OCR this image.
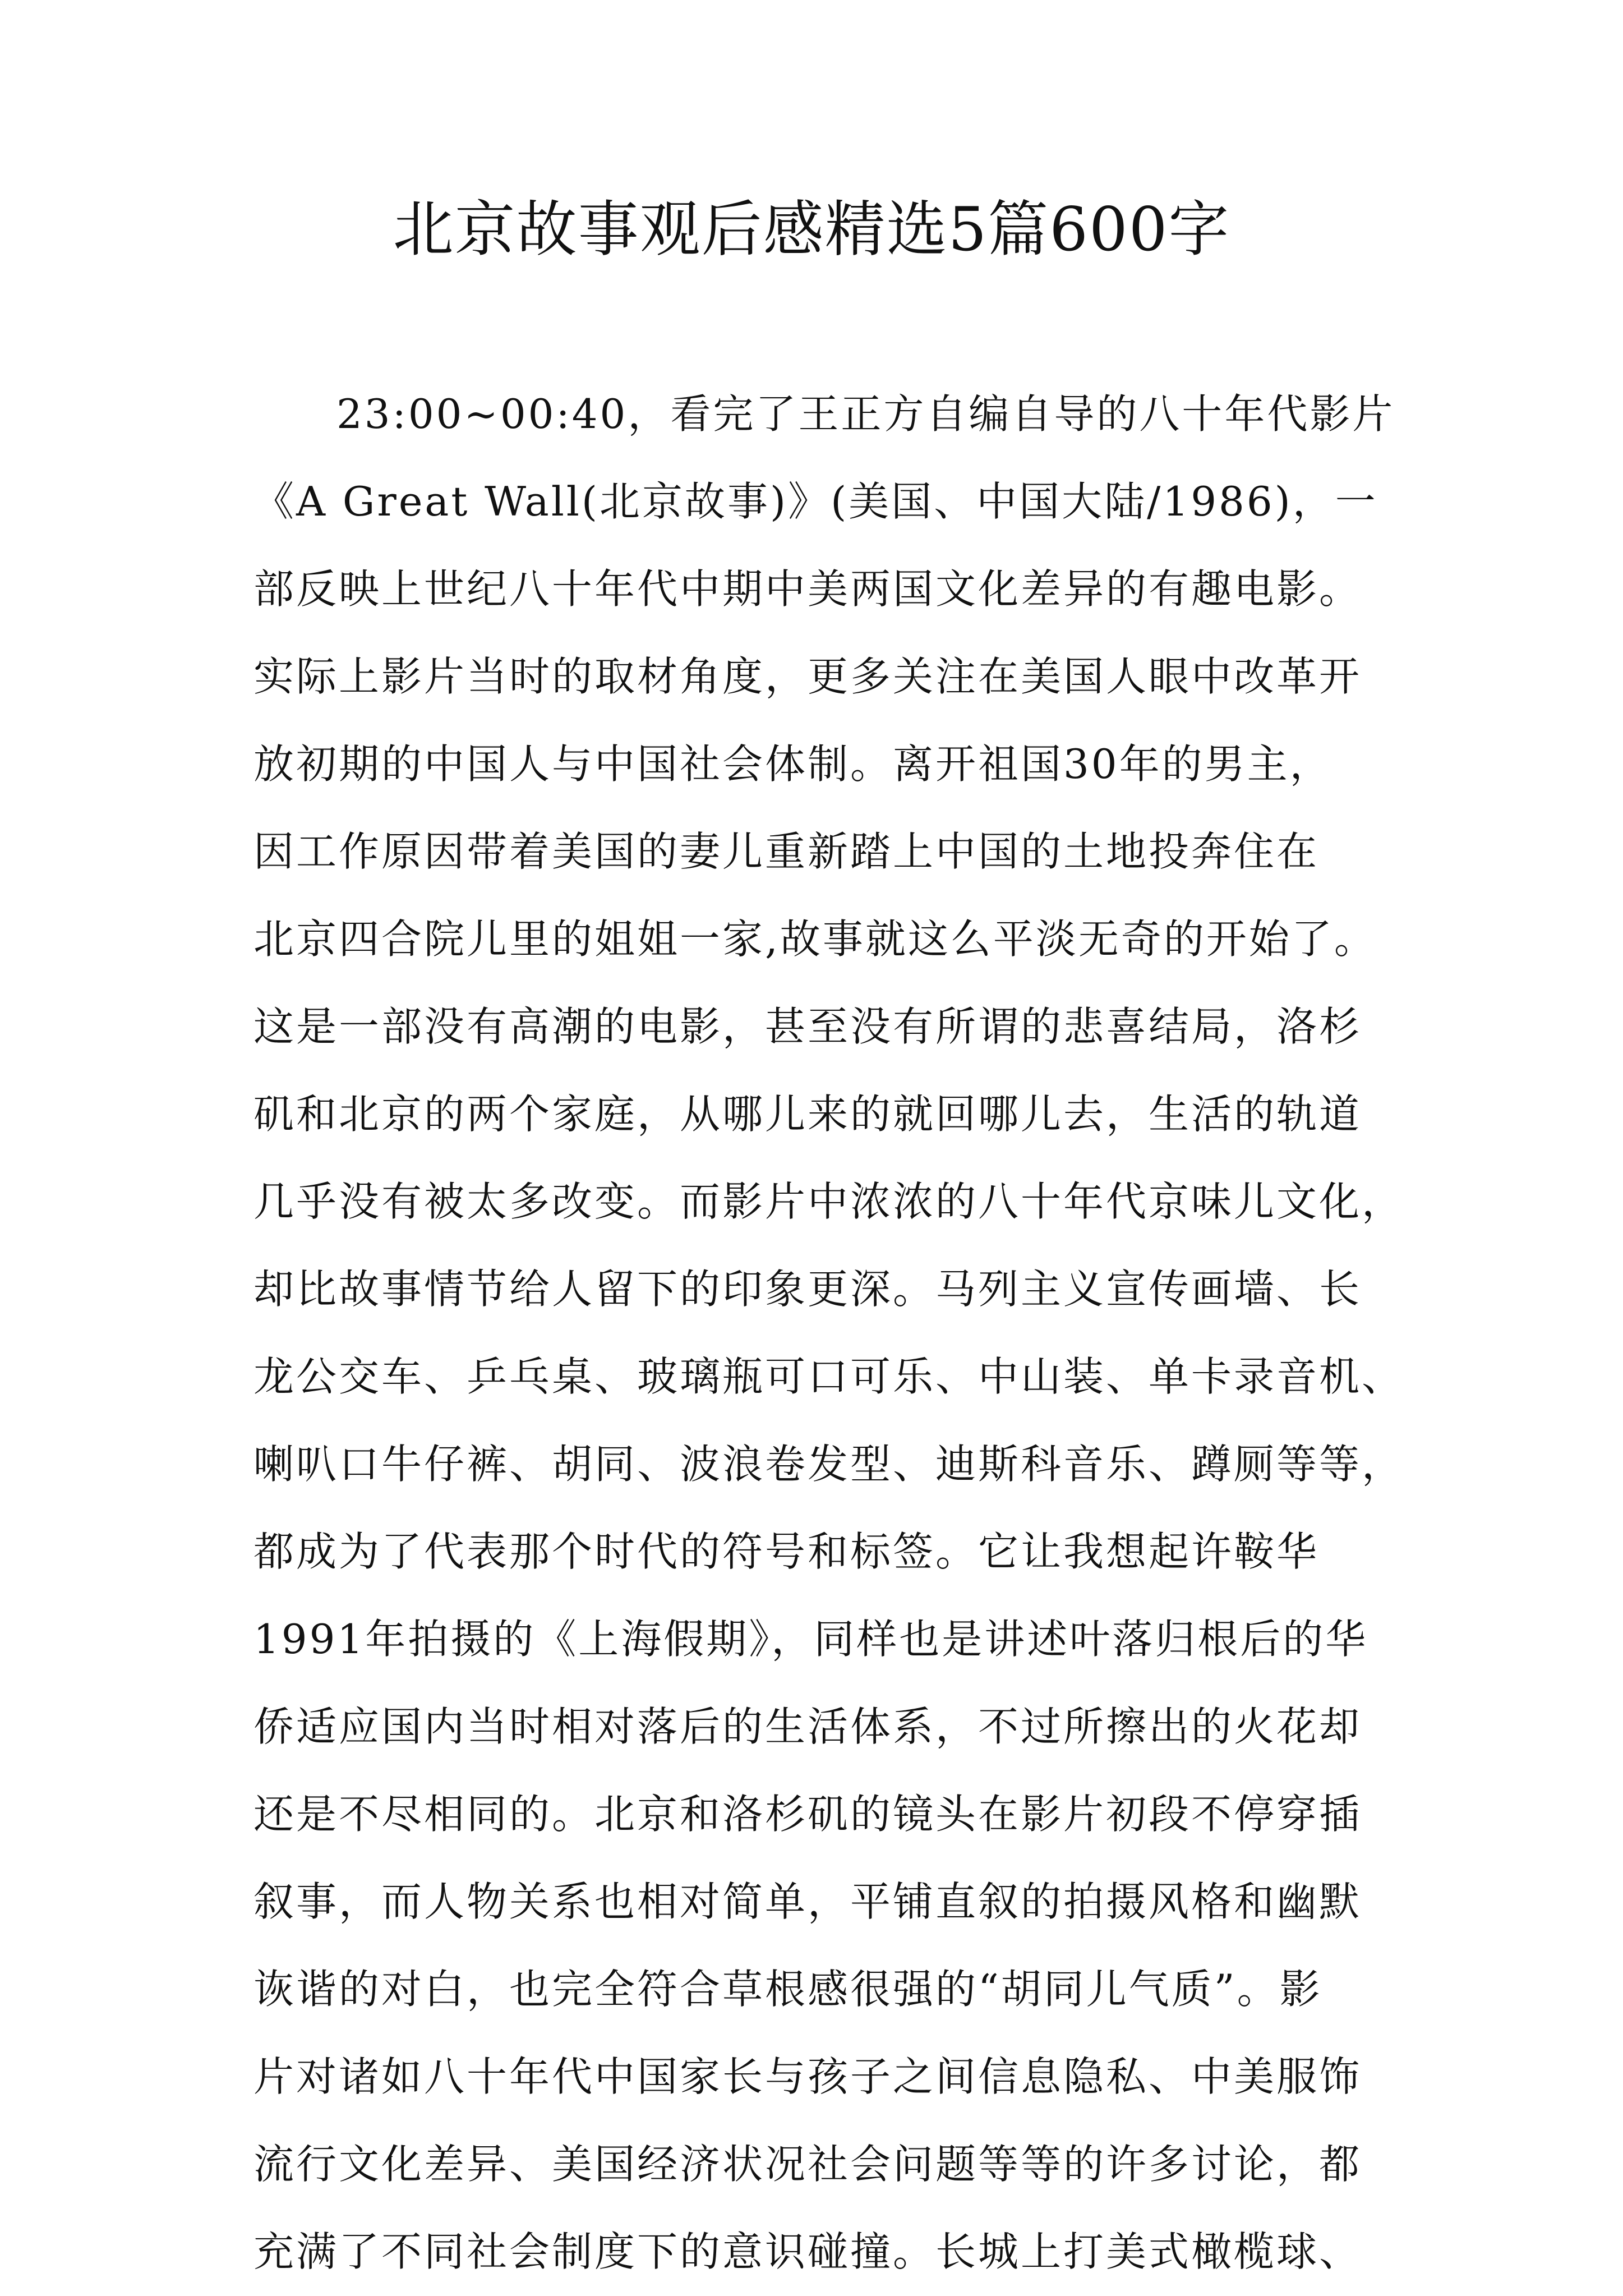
北京故事观后感精选5篇600字
23:00~00:40，看完了王正方自编自导的八十年代影片
《A Great Wall(北京故事)》(美国、中国大陆/1986)，一
部反映上世纪八十年代中期中美两国文化差异的有趣电影。
实际上影片当时的取材角度，更多关注在美国人眼中改革开
放初期的中国人与中国社会体制。离开祖国30年的男主，
因工作原因带着美国的妻儿重新踏上中国的土地投奔住在
北京四合院儿里的姐姐一家,故事就这么平淡无奇的开始了。
这是一部没有高潮的电影，甚至没有所谓的悲喜结局，洛杉
矶和北京的两个家庭，从哪儿来的就回哪儿去，生活的轨道
几乎没有被太多改变。而影片中浓浓的八十年代京味儿文化，
却比故事情节给人留下的印象更深。马列主义宣传画墙、长
龙公交车、乒乓桌、玻璃瓶可口可乐、中山装、单卡录音机、
喇叭口牛仔裤、胡同、波浪卷发型、迪斯科音乐、蹲厕等等，
都成为了代表那个时代的符号和标签。它让我想起许鞍华
1991年拍摄的《上海假期》，同样也是讲述叶落归根后的华
侨适应国内当时相对落后的生活体系，不过所擦出的火花却
还是不尽相同的。北京和洛杉矶的镜头在影片初段不停穿插
叙事，而人物关系也相对简单，平铺直叙的拍摄风格和幽默
诙谐的对白，也完全符合草根感很强的“胡同儿气质”。影
片对诸如八十年代中国家长与孩子之间信息隐私、中美服饰
流行文化差异、美国经济状况社会问题等等的许多讨论，都
充满了不同社会制度下的意识碰撞。长城上打美式橄榄球、
